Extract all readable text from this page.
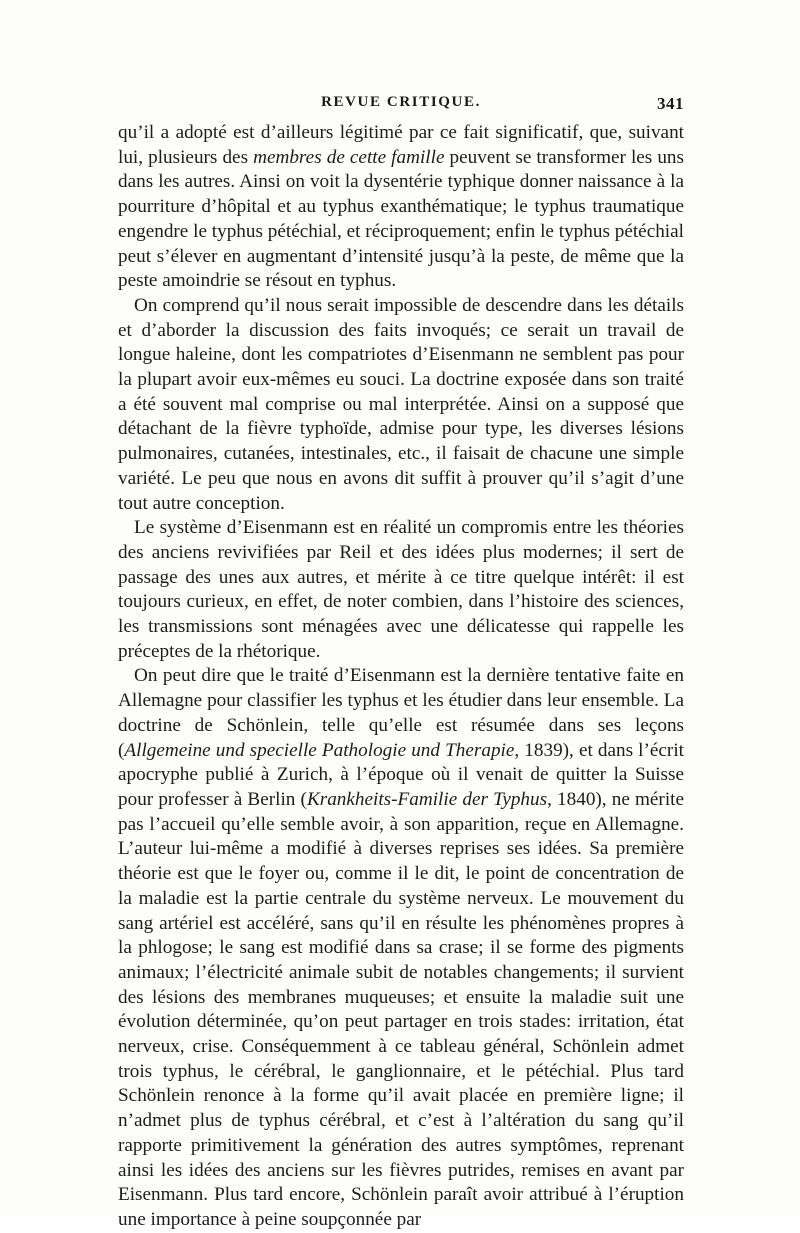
REVUE CRITIQUE.	341

qu’il a adopté est d’ailleurs légitimé par ce fait significatif, que, suivant lui, plusieurs des membres de cette famille peuvent se transformer les uns dans les autres. Ainsi on voit la dysentérie typhique donner naissance à la pourriture d’hôpital et au typhus exanthématique; le typhus traumatique engendre le typhus pétéchial, et réciproquement; enfin le typhus pétéchial peut s’élever en augmentant d’intensité jusqu’à la peste, de même que la peste amoindrie se résout en typhus.

On comprend qu’il nous serait impossible de descendre dans les détails et d’aborder la discussion des faits invoqués; ce serait un travail de longue haleine, dont les compatriotes d’Eisenmann ne semblent pas pour la plupart avoir eux-mêmes eu souci. La doctrine exposée dans son traité a été souvent mal comprise ou mal interprétée. Ainsi on a supposé que détachant de la fièvre typhoïde, admise pour type, les diverses lésions pulmonaires, cutanées, intestinales, etc., il faisait de chacune une simple variété. Le peu que nous en avons dit suffit à prouver qu’il s’agit d’une tout autre conception.

Le système d’Eisenmann est en réalité un compromis entre les théories des anciens revivifiées par Reil et des idées plus modernes; il sert de passage des unes aux autres, et mérite à ce titre quelque intérêt: il est toujours curieux, en effet, de noter combien, dans l’histoire des sciences, les transmissions sont ménagées avec une délicatesse qui rappelle les préceptes de la rhétorique.

On peut dire que le traité d’Eisenmann est la dernière tentative faite en Allemagne pour classifier les typhus et les étudier dans leur ensemble. La doctrine de Schönlein, telle qu’elle est résumée dans ses leçons (Allgemeine und specielle Pathologie und Therapie, 1839), et dans l’écrit apocryphe publié à Zurich, à l’époque où il venait de quitter la Suisse pour professer à Berlin (Krankheits-Familie der Typhus, 1840), ne mérite pas l’accueil qu’elle semble avoir, à son apparition, reçue en Allemagne. L’auteur lui-même a modifié à diverses reprises ses idées. Sa première théorie est que le foyer ou, comme il le dit, le point de concentration de la maladie est la partie centrale du système nerveux. Le mouvement du sang artériel est accéléré, sans qu’il en résulte les phénomènes propres à la phlogose; le sang est modifié dans sa crase; il se forme des pigments animaux; l’électricité animale subit de notables changements; il survient des lésions des membranes muqueuses; et ensuite la maladie suit une évolution déterminée, qu’on peut partager en trois stades: irritation, état nerveux, crise. Conséquemment à ce tableau général, Schönlein admet trois typhus, le cérébral, le ganglionnaire, et le pétéchial. Plus tard Schönlein renonce à la forme qu’il avait placée en première ligne; il n’admet plus de typhus cérébral, et c’est à l’altération du sang qu’il rapporte primitivement la génération des autres symptômes, reprenant ainsi les idées des anciens sur les fièvres putrides, remises en avant par Eisenmann. Plus tard encore, Schönlein paraît avoir attribué à l’éruption une importance à peine soupçonnée par
